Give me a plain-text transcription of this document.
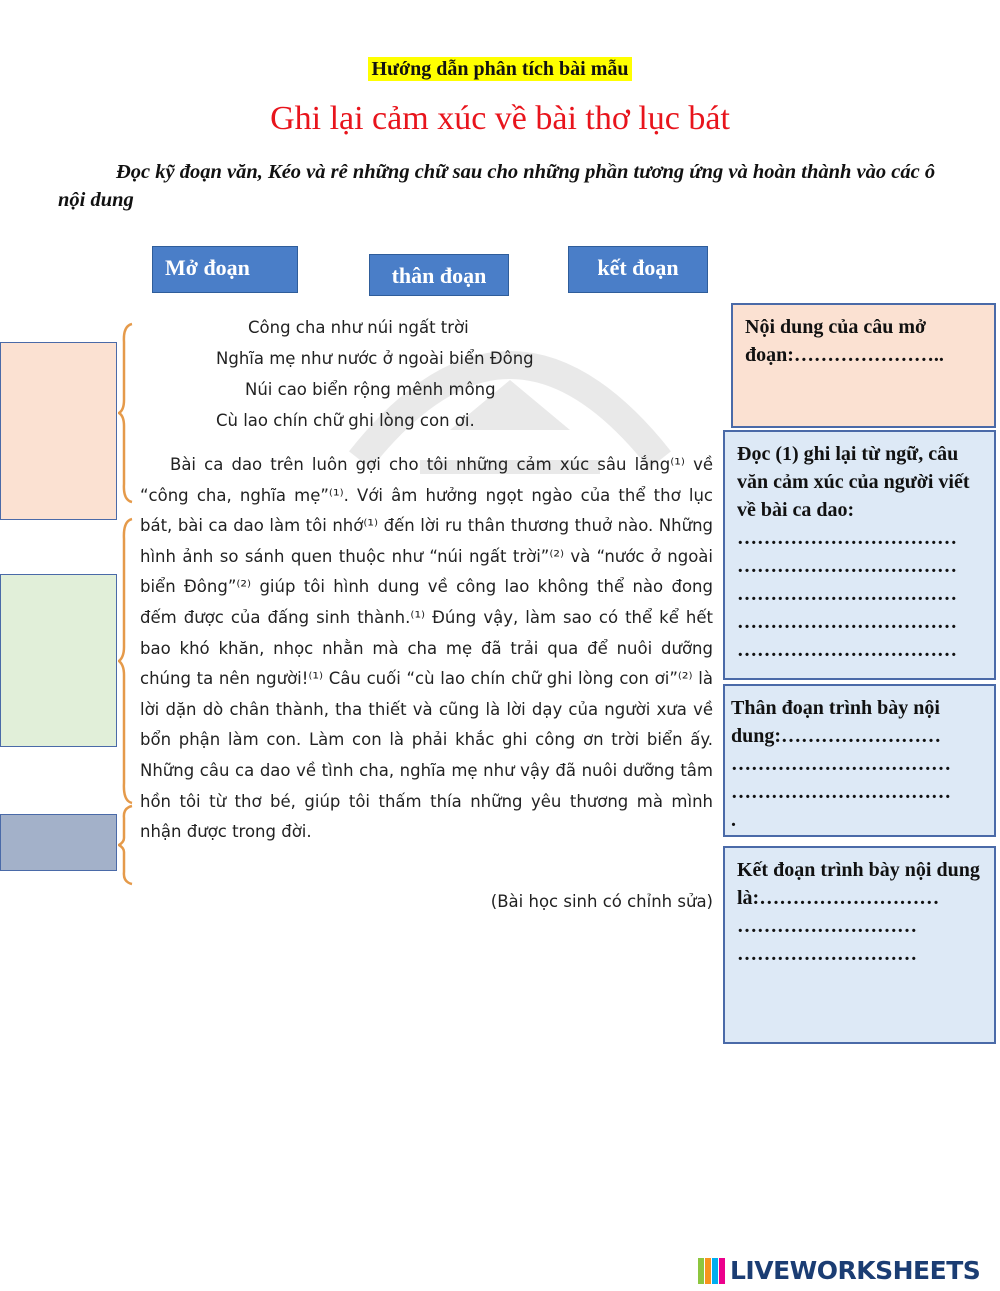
Hướng dẫn phân tích bài mẫu
Ghi lại cảm xúc về bài thơ lục bát
Đọc kỹ đoạn văn, Kéo và rê những chữ sau cho những phần tương ứng và hoàn thành vào các ô nội dung
Mở đoạn	thân đoạn	kết đoạn
Công cha như núi ngất trời
Nghĩa mẹ như nước ở ngoài biển Đông
Núi cao biển rộng mênh mông
Cù lao chín chữ ghi lòng con ơi.
Bài ca dao trên luôn gợi cho tôi những cảm xúc sâu lắng⁽¹⁾ về “công cha, nghĩa mẹ”⁽¹⁾. Với âm hưởng ngọt ngào của thể thơ lục bát, bài ca dao làm tôi nhớ⁽¹⁾ đến lời ru thân thương thuở nào. Những hình ảnh so sánh quen thuộc như “núi ngất trời”⁽²⁾ và “nước ở ngoài biển Đông”⁽²⁾ giúp tôi hình dung về công lao không thể nào đong đếm được của đấng sinh thành.⁽¹⁾ Đúng vậy, làm sao có thể kể hết bao khó khăn, nhọc nhằn mà cha mẹ đã trải qua để nuôi dưỡng chúng ta nên người!⁽¹⁾ Câu cuối “cù lao chín chữ ghi lòng con ơi”⁽²⁾ là lời dặn dò chân thành, tha thiết và cũng là lời dạy của người xưa về bổn phận làm con. Làm con là phải khắc ghi công ơn trời biển ấy. Những câu ca dao về tình cha, nghĩa mẹ như vậy đã nuôi dưỡng tâm hồn tôi từ thơ bé, giúp tôi thấm thía những yêu thương mà mình nhận được trong đời.
(Bài học sinh có chỉnh sửa)
Nội dung của câu mở đoạn:…………………..
Đọc (1) ghi lại từ ngữ, câu văn cảm xúc của người viết về bài ca dao:
……………………………
……………………………
……………………………
……………………………
……………………………
Thân đoạn trình bày nội dung:……………………
……………………………
……………………………
.
Kết đoạn trình bày nội dung là:………………………
………………………
………………………
LIVEWORKSHEETS
